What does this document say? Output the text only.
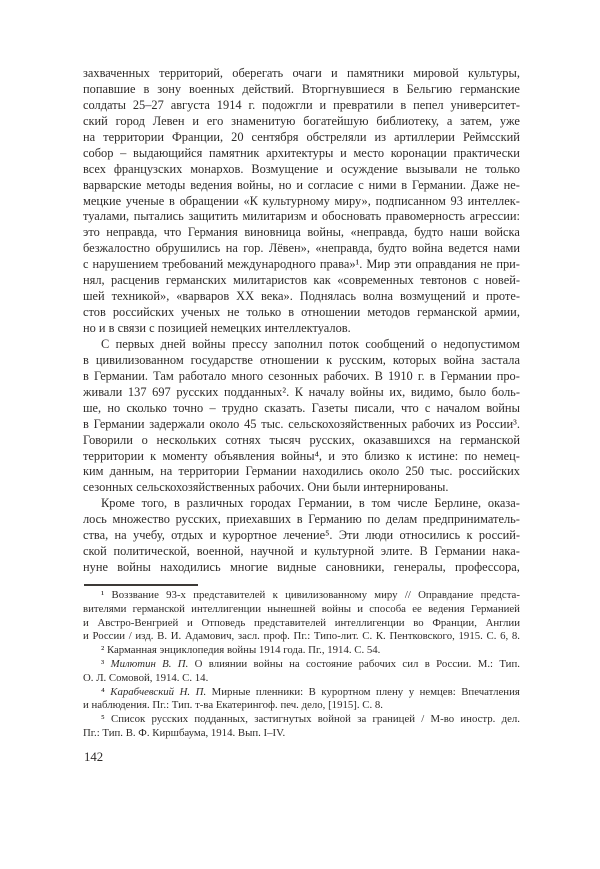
захваченных территорий, оберегать очаги и памятники мировой культуры,
попавшие в зону военных действий. Вторгнувшиеся в Бельгию германские
солдаты 25–27 августа 1914 г. подожгли и превратили в пепел университет-
ский город Левен и его знаменитую богатейшую библиотеку, а затем, уже
на территории Франции, 20 сентября обстреляли из артиллерии Реймсский
собор – выдающийся памятник архитектуры и место коронации практически
всех французских монархов. Возмущение и осуждение вызывали не только
варварские методы ведения войны, но и согласие с ними в Германии. Даже не-
мецкие ученые в обращении «К культурному миру», подписанном 93 интеллек-
туалами, пытались защитить милитаризм и обосновать правомерность агрессии:
это неправда, что Германия виновница войны, «неправда, будто наши войска
безжалостно обрушились на гор. Лёвен», «неправда, будто война ведется нами
с нарушением требований международного права»¹. Мир эти оправдания не при-
нял, расценив германских милитаристов как «современных тевтонов с новей-
шей техникой», «варваров XX века». Поднялась волна возмущений и проте-
стов российских ученых не только в отношении методов германской армии,
но и в связи с позицией немецких интеллектуалов.
С первых дней войны прессу заполнил поток сообщений о недопустимом
в цивилизованном государстве отношении к русским, которых война застала
в Германии. Там работало много сезонных рабочих. В 1910 г. в Германии про-
живали 137 697 русских подданных². К началу войны их, видимо, было боль-
ше, но сколько точно – трудно сказать. Газеты писали, что с началом войны
в Германии задержали около 45 тыс. сельскохозяйственных рабочих из России³.
Говорили о нескольких сотнях тысяч русских, оказавшихся на германской
территории к моменту объявления войны⁴, и это близко к истине: по немец-
ким данным, на территории Германии находились около 250 тыс. российских
сезонных сельскохозяйственных рабочих. Они были интернированы.
Кроме того, в различных городах Германии, в том числе Берлине, оказа-
лось множество русских, приехавших в Германию по делам предприниматель-
ства, на учебу, отдых и курортное лечение⁵. Эти люди относились к россий-
ской политической, военной, научной и культурной элите. В Германии нака-
нуне войны находились многие видные сановники, генералы, профессора,
¹ Воззвание 93-х представителей к цивилизованному миру // Оправдание предста-
вителями германской интеллигенции нынешней войны и способа ее ведения Германией
и Австро-Венгрией и Отповедь представителей интеллигенции во Франции, Англии
и России / изд. В. И. Адамович, засл. проф. Пг.: Типо-лит. С. К. Пентковского, 1915. С. 6, 8.
² Карманная энциклопедия войны 1914 года. Пг., 1914. С. 54.
³ Милютин В. П. О влиянии войны на состояние рабочих сил в России. М.: Тип.
О. Л. Сомовой, 1914. С. 14.
⁴ Карабчевский Н. П. Мирные пленники: В курортном плену у немцев: Впечатления
и наблюдения. Пг.: Тип. т-ва Екатерингоф. печ. дело, [1915]. С. 8.
⁵ Список русских подданных, застигнутых войной за границей / М-во иностр. дел.
Пг.: Тип. В. Ф. Киршбаума, 1914. Вып. I–IV.
142
